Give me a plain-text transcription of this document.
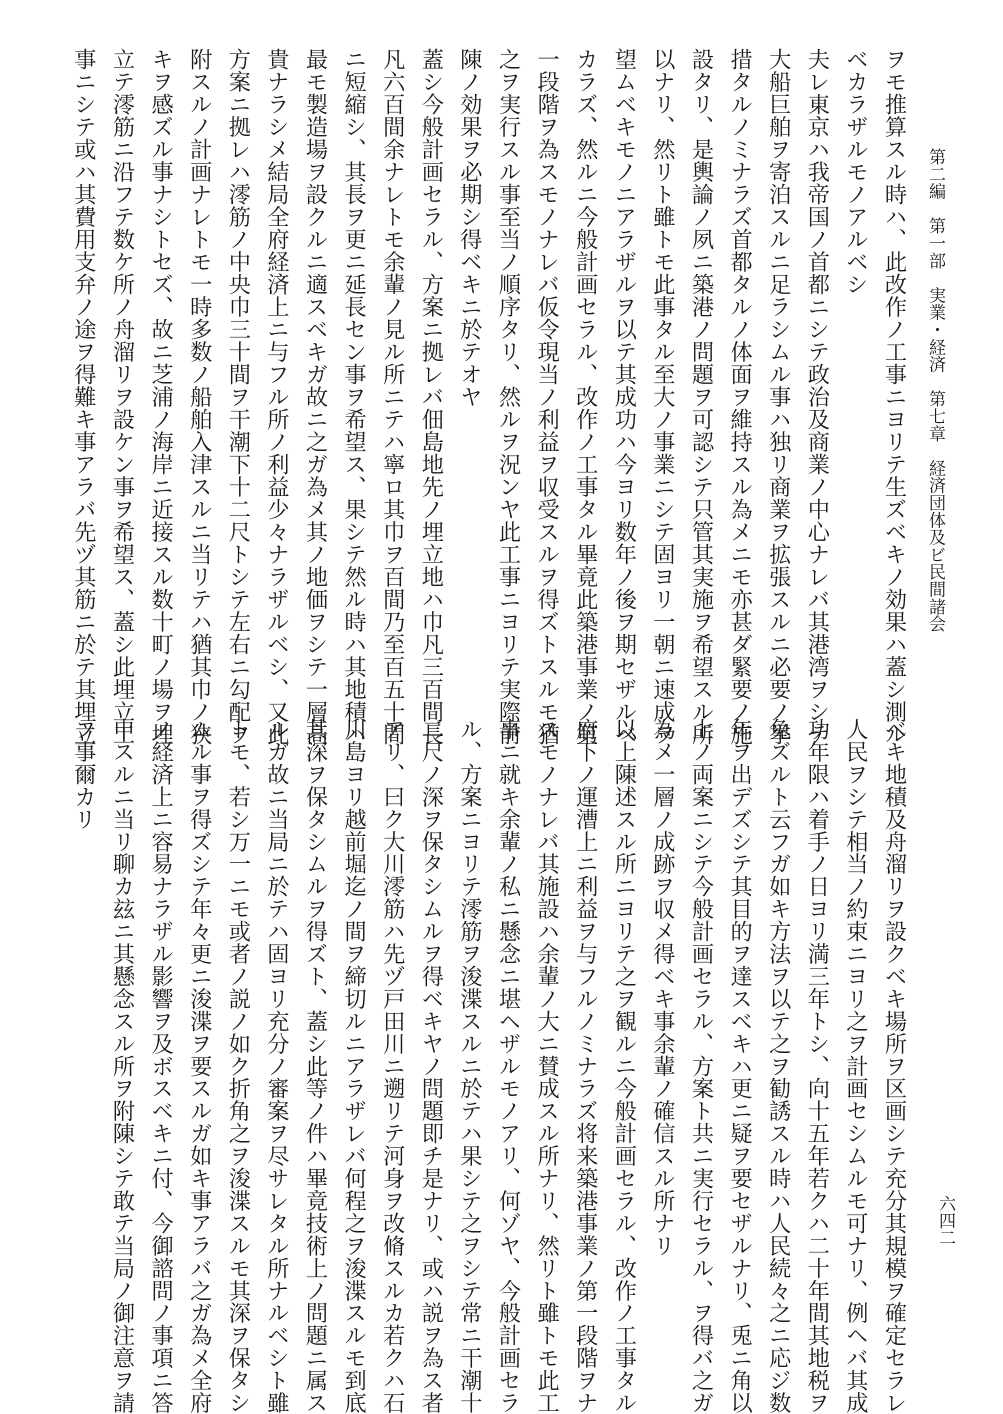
第二編　第一部　実業・経済　第七章　経済団体及ビ民間諸会
六四二
ヲモ推算スル時ハ、此改作ノ工事ニヨリテ生ズベキノ効果ハ蓋シ測ル
ベカラザルモノアルベシ
夫レ東京ハ我帝国ノ首都ニシテ政治及商業ノ中心ナレバ其港湾ヲシテ
大船巨舶ヲ寄泊スルニ足ラシムル事ハ独リ商業ヲ拡張スルニ必要ノ挙
措タルノミナラズ首都タルノ体面ヲ維持スル為メニモ亦甚ダ緊要ノ施
設タリ、是輿論ノ夙ニ築港ノ問題ヲ可認シテ只管其実施ヲ希望スル所
以ナリ、然リト雖トモ此事タル至大ノ事業ニシテ固ヨリ一朝ニ速成ヲ
望ムベキモノニアラザルヲ以テ其成功ハ今ヨリ数年ノ後ヲ期セザルベ
カラズ、然ルニ今般計画セラル、改作ノ工事タル畢竟此築港事業ノ第
一段階ヲ為スモノナレバ仮令現当ノ利益ヲ収受スルヲ得ズトスルモ猶
之ヲ実行スル事至当ノ順序タリ、然ルヲ況ンヤ此工事ニヨリテ実際前
陳ノ効果ヲ必期シ得ベキニ於テオヤ
蓋シ今般計画セラル、方案ニ拠レバ佃島地先ノ埋立地ハ巾凡三百間長
凡六百間余ナレトモ余輩ノ見ル所ニテハ寧ロ其巾ヲ百間乃至百五十間
ニ短縮シ、其長ヲ更ニ延長セン事ヲ希望ス、果シテ然ル時ハ其地積ハ
最モ製造場ヲ設クルニ適スベキガ故ニ之ガ為メ其ノ地価ヲシテ一層高
貴ナラシメ結局全府経済上ニ与フル所ノ利益少々ナラザルベシ、又此
方案ニ拠レハ澪筋ノ中央巾三十間ヲ干潮下十二尺トシテ左右ニ勾配ヲ
附スルノ計画ナレトモ一時多数ノ船舶入津スルニ当リテハ猶其巾ノ狭
キヲ感ズル事ナシトセズ、故ニ芝浦ノ海岸ニ近接スル数十町ノ場ヲ埋
立テ澪筋ニ沿フテ数ケ所ノ舟溜リヲ設ケン事ヲ希望ス、蓋シ此埋立工
事ニシテ或ハ其費用支弁ノ途ヲ得難キ事アラバ先ヅ其筋ニ於テ其埋立
ベキ地積及舟溜リヲ設クベキ場所ヲ区画シテ充分其規模ヲ確定セラレ
人民ヲシテ相当ノ約束ニヨリ之ヲ計画セシムルモ可ナリ、例ヘバ其成
功年限ハ着手ノ日ヨリ満三年トシ、向十五年若クハ二十年間其地税ヲ
免ズルト云フガ如キ方法ヲ以テ之ヲ勧誘スル時ハ人民続々之ニ応ジ数
年ヲ出デズシテ其目的ヲ達スベキハ更ニ疑ヲ要セザルナリ、兎ニ角以
上ノ両案ニシテ今般計画セラル、方案ト共ニ実行セラル、ヲ得バ之ガ
為メ一層ノ成跡ヲ収メ得ベキ事余輩ノ確信スル所ナリ
以上陳述スル所ニヨリテ之ヲ観ルニ今般計画セラル、改作ノ工事タル
府下ノ運漕上ニ利益ヲ与フルノミナラズ将来築港事業ノ第一段階ヲナ
スモノナレバ其施設ハ余輩ノ大ニ賛成スル所ナリ、然リト雖トモ此工
事ニ就キ余輩ノ私ニ懸念ニ堪ヘザルモノアリ、何ゾヤ、今般計画セラ
ル、方案ニヨリテ澪筋ヲ浚渫スルニ於テハ果シテ之ヲシテ常ニ干潮十
二尺ノ深ヲ保タシムルヲ得ベキヤノ問題即チ是ナリ、或ハ説ヲ為ス者
アリ、曰ク大川澪筋ハ先ヅ戸田川ニ遡リテ河身ヲ改脩スルカ若クハ石
川島ヨリ越前堀迄ノ間ヲ締切ルニアラザレバ何程之ヲ浚渫スルモ到底
其深ヲ保タシムルヲ得ズト、蓋シ此等ノ件ハ畢竟技術上ノ問題ニ属ス
ルガ故ニ当局ニ於テハ固ヨリ充分ノ審案ヲ尽サレタル所ナルベシト雖
トモ、若シ万一ニモ或者ノ説ノ如ク折角之ヲ浚渫スルモ其深ヲ保タシ
ムル事ヲ得ズシテ年々更ニ浚渫ヲ要スルガ如キ事アラバ之ガ為メ全府
ノ経済上ニ容易ナラザル影響ヲ及ボスベキニ付、今御諮問ノ事項ニ答
申スルニ当リ聊カ玆ニ其懸念スル所ヲ附陳シテ敢テ当局ノ御注意ヲ請
フ事爾カリ
